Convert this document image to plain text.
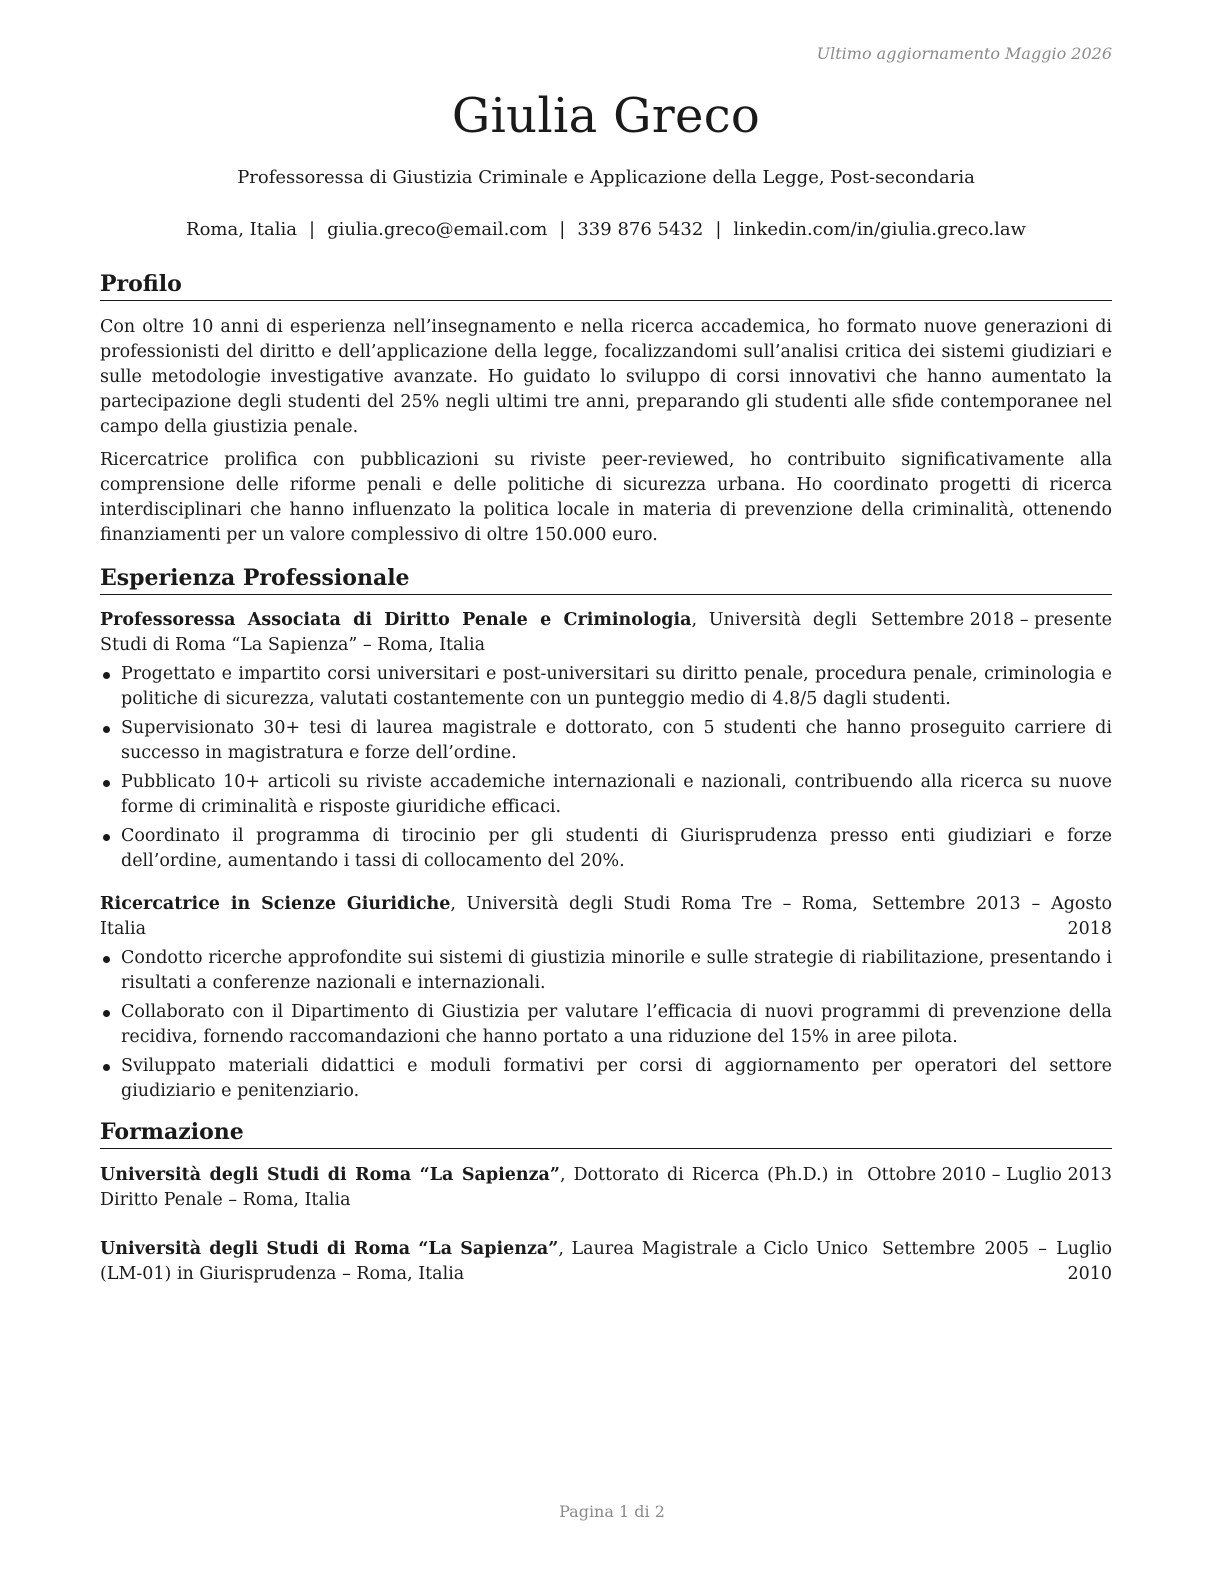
Ultimo aggiornamento Maggio 2026
Giulia Greco
Professoressa di Giustizia Criminale e Applicazione della Legge, Post-secondaria
Roma, Italia | giulia.greco@email.com | 339 876 5432 | linkedin.com/in/giulia.greco.law
Profilo

Con oltre 10 anni di esperienza nell’insegnamento e nella ricerca accademica, ho formato nuove generazioni di professionisti del diritto e dell’applicazione della legge, focalizzandomi sull’analisi critica dei sistemi giudiziari e sulle metodologie investigative avanzate. Ho guidato lo sviluppo di corsi innovativi che hanno aumentato la partecipazione degli studenti del 25% negli ultimi tre anni, preparando gli studenti alle sfide contemporanee nel campo della giustizia penale.

Ricercatrice prolifica con pubblicazioni su riviste peer-reviewed, ho contribuito significativamente alla comprensione delle riforme penali e delle politiche di sicurezza urbana. Ho coordinato progetti di ricerca interdisciplinari che hanno influenzato la politica locale in materia di prevenzione della criminalità, ottenendo finanziamenti per un valore complessivo di oltre 150.000 euro.

Esperienza Professionale
Professoressa Associata di Diritto Penale e Criminologia, Università degli Studi di Roma “La Sapienza” – Roma, Italia
Settembre 2018 – presente
Progettato e impartito corsi universitari e post-universitari su diritto penale, procedura penale, criminologia e politiche di sicurezza, valutati costantemente con un punteggio medio di 4.8/5 dagli studenti.
Supervisionato 30+ tesi di laurea magistrale e dottorato, con 5 studenti che hanno proseguito carriere di successo in magistratura e forze dell’ordine.
Pubblicato 10+ articoli su riviste accademiche internazionali e nazionali, contribuendo alla ricerca su nuove forme di criminalità e risposte giuridiche efficaci.
Coordinato il programma di tirocinio per gli studenti di Giurisprudenza presso enti giudiziari e forze dell’ordine, aumentando i tassi di collocamento del 20%.
Ricercatrice in Scienze Giuridiche, Università degli Studi Roma Tre – Roma, Italia
Settembre 2013 – Agosto 2018
Condotto ricerche approfondite sui sistemi di giustizia minorile e sulle strategie di riabilitazione, presentando i risultati a conferenze nazionali e internazionali.
Collaborato con il Dipartimento di Giustizia per valutare l’efficacia di nuovi programmi di prevenzione della recidiva, fornendo raccomandazioni che hanno portato a una riduzione del 15% in aree pilota.
Sviluppato materiali didattici e moduli formativi per corsi di aggiornamento per operatori del settore giudiziario e penitenziario.
Formazione
Università degli Studi di Roma “La Sapienza”, Dottorato di Ricerca (Ph.D.) in Diritto Penale – Roma, Italia
Ottobre 2010 – Luglio 2013
Università degli Studi di Roma “La Sapienza”, Laurea Magistrale a Ciclo Unico (LM-01) in Giurisprudenza – Roma, Italia
Settembre 2005 – Luglio 2010
Pagina 1 di 2
